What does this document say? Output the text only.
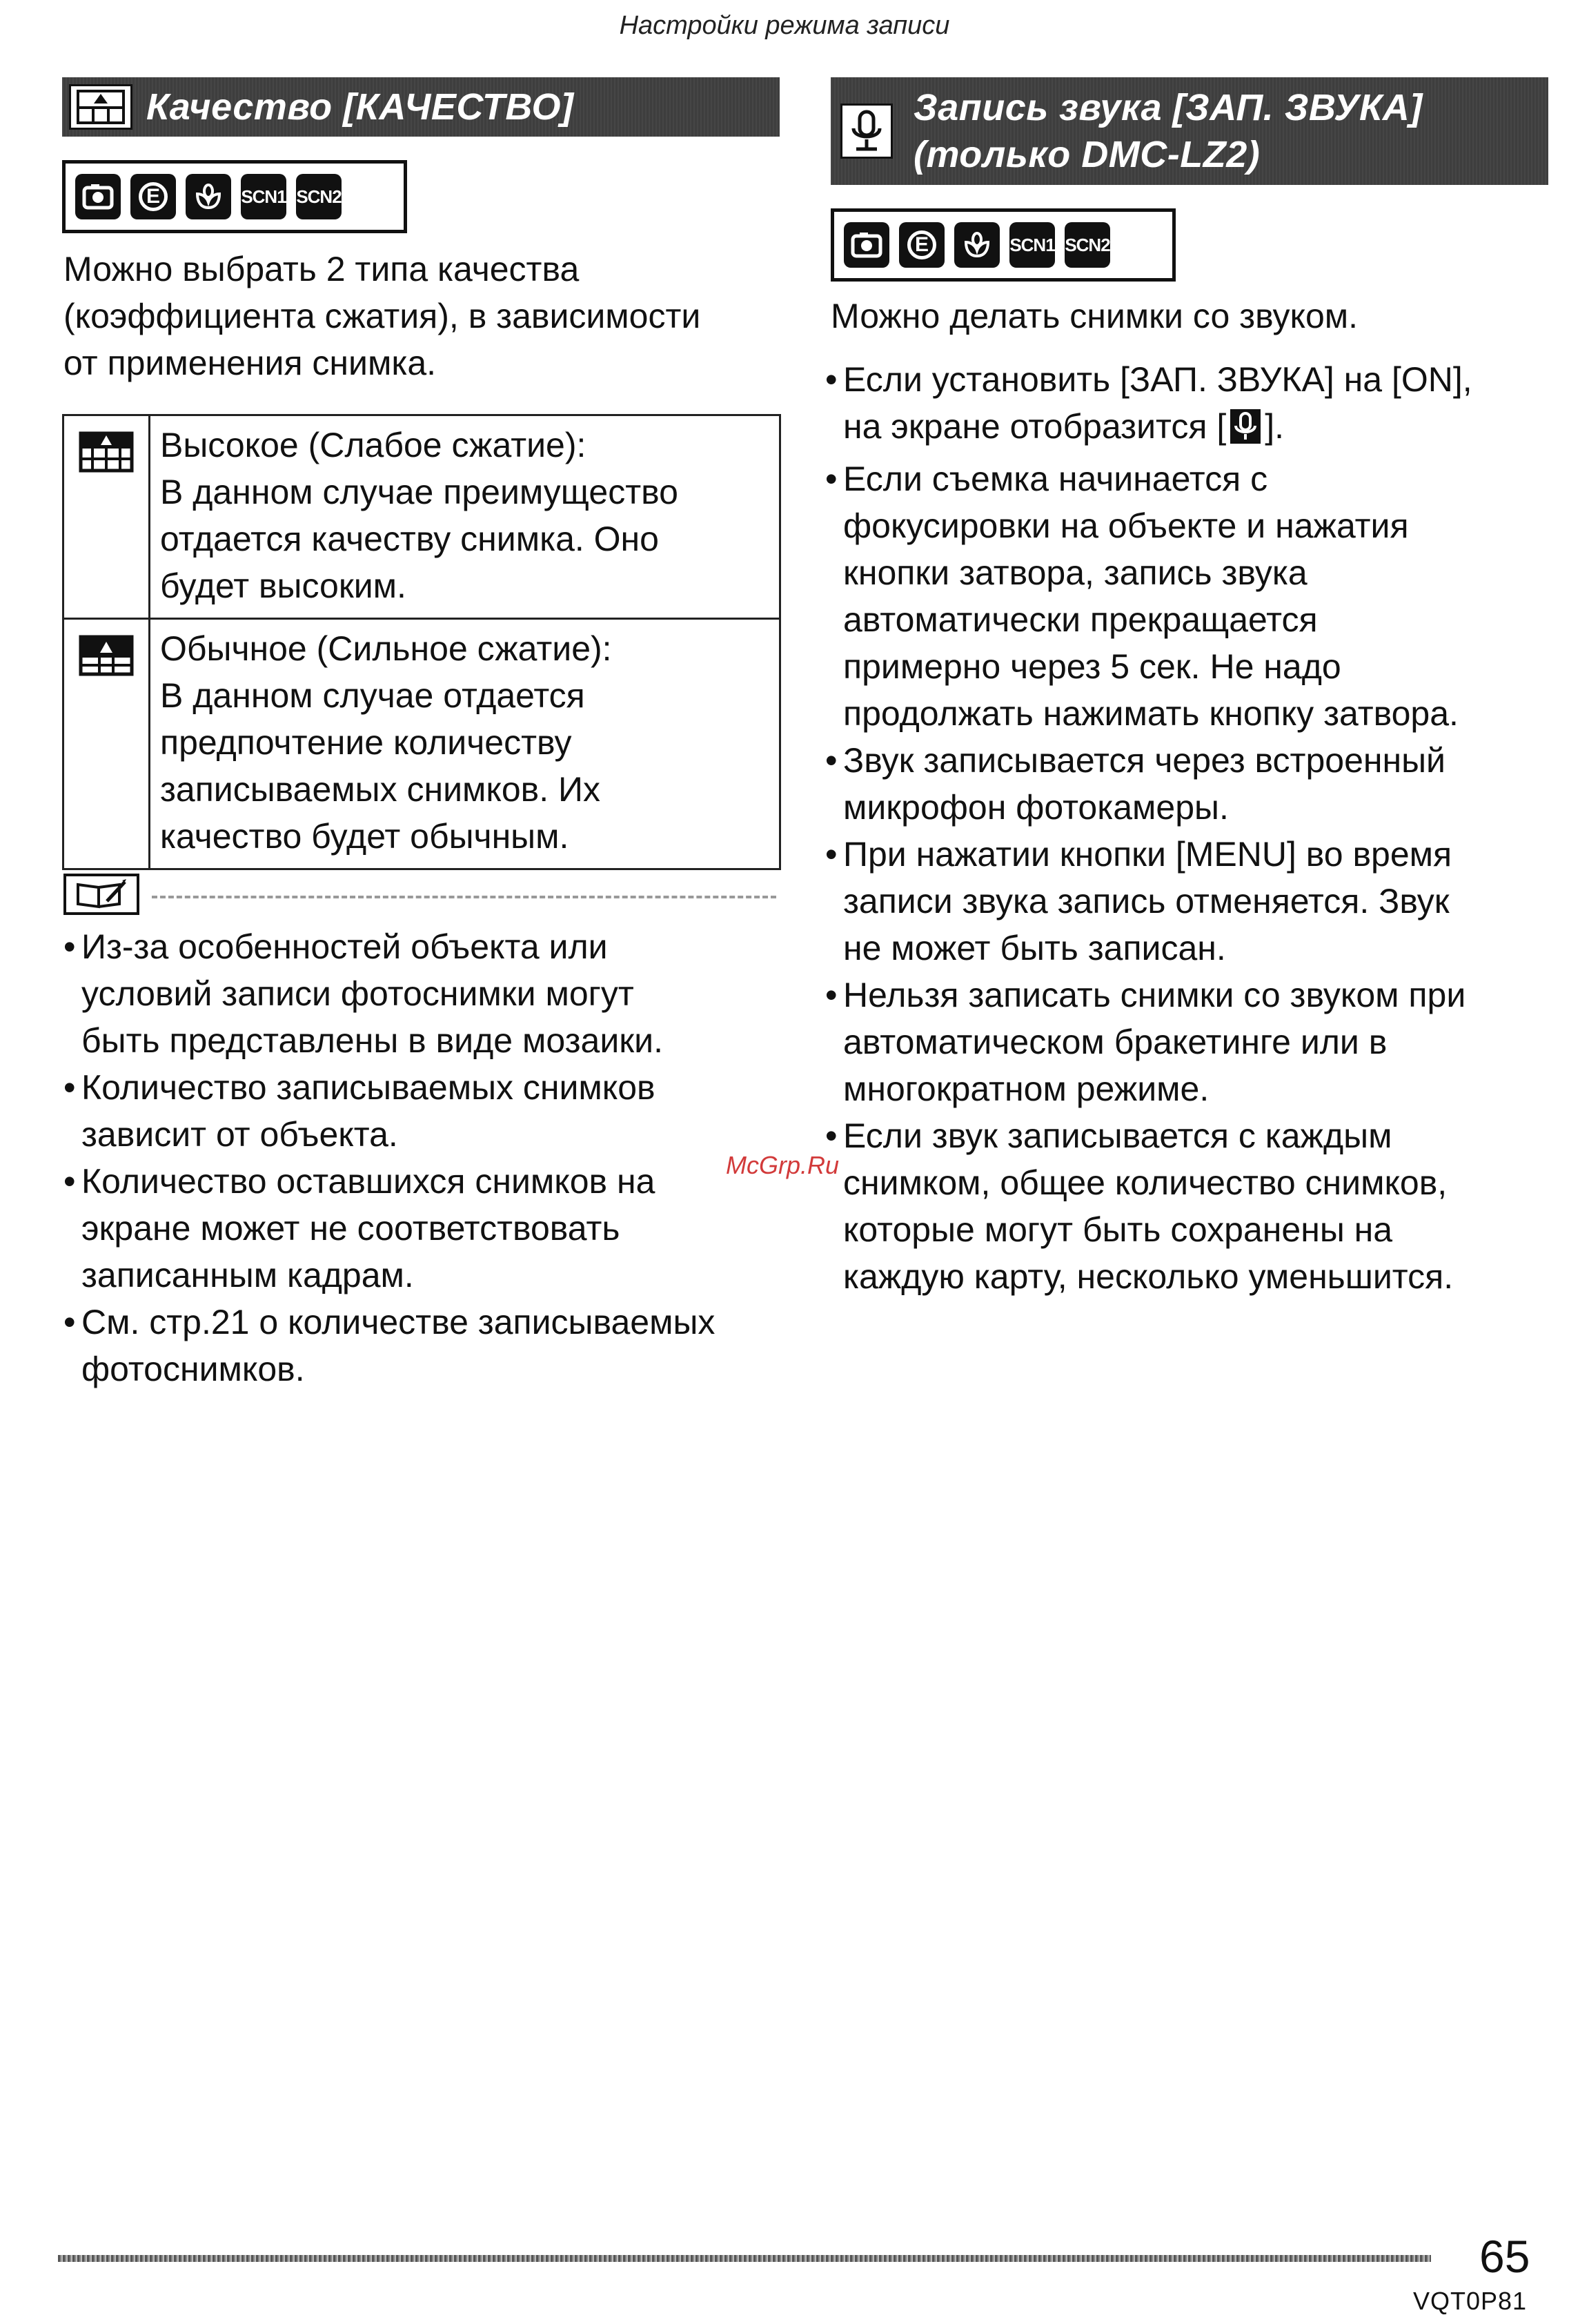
Настройки режима записи
Качество [КАЧЕСТВО]
E	SCN1 SCN2
Можно выбрать 2 типа качества
(коэффициента сжатия), в зависимости
от применения снимка.

Высокое (Слабое сжатие):
В данном случае преимущество
отдается качеству снимка. Оно
будет высоким.

Обычное (Сильное сжатие):
В данном случае отдается
предпочтение количеству
записываемых снимков. Их
качество будет обычным.
• Из-за особенностей объекта или
условий записи фотоснимки могут
быть представлены в виде мозаики.
• Количество записываемых снимков
зависит от объекта.
• Количество оставшихся снимков на
экране может не соответствовать
записанным кадрам.
• См. стр.21 о количестве записываемых
фотоснимков.
Запись звука [ЗАП. ЗВУКА]
(только DMC-LZ2)
E	SCN1 SCN2
Можно делать снимки со звуком.
• Если установить [ЗАП. ЗВУКА] на [ON],
на экране отобразится [ ].
• Если съемка начинается с
фокусировки на объекте и нажатия
кнопки затвора, запись звука
автоматически прекращается
примерно через 5 сек. Не надо
продолжать нажимать кнопку затвора.
• Звук записывается через встроенный
микрофон фотокамеры.
• При нажатии кнопки [MENU] во время
записи звука запись отменяется. Звук
не может быть записан.
• Нельзя записать снимки со звуком при
автоматическом бракетинге или в
многократном режиме.
• Если звук записывается с каждым
снимком, общее количество снимков,
которые могут быть сохранены на
каждую карту, несколько уменьшится.
McGrp.Ru
65
VQT0P81
